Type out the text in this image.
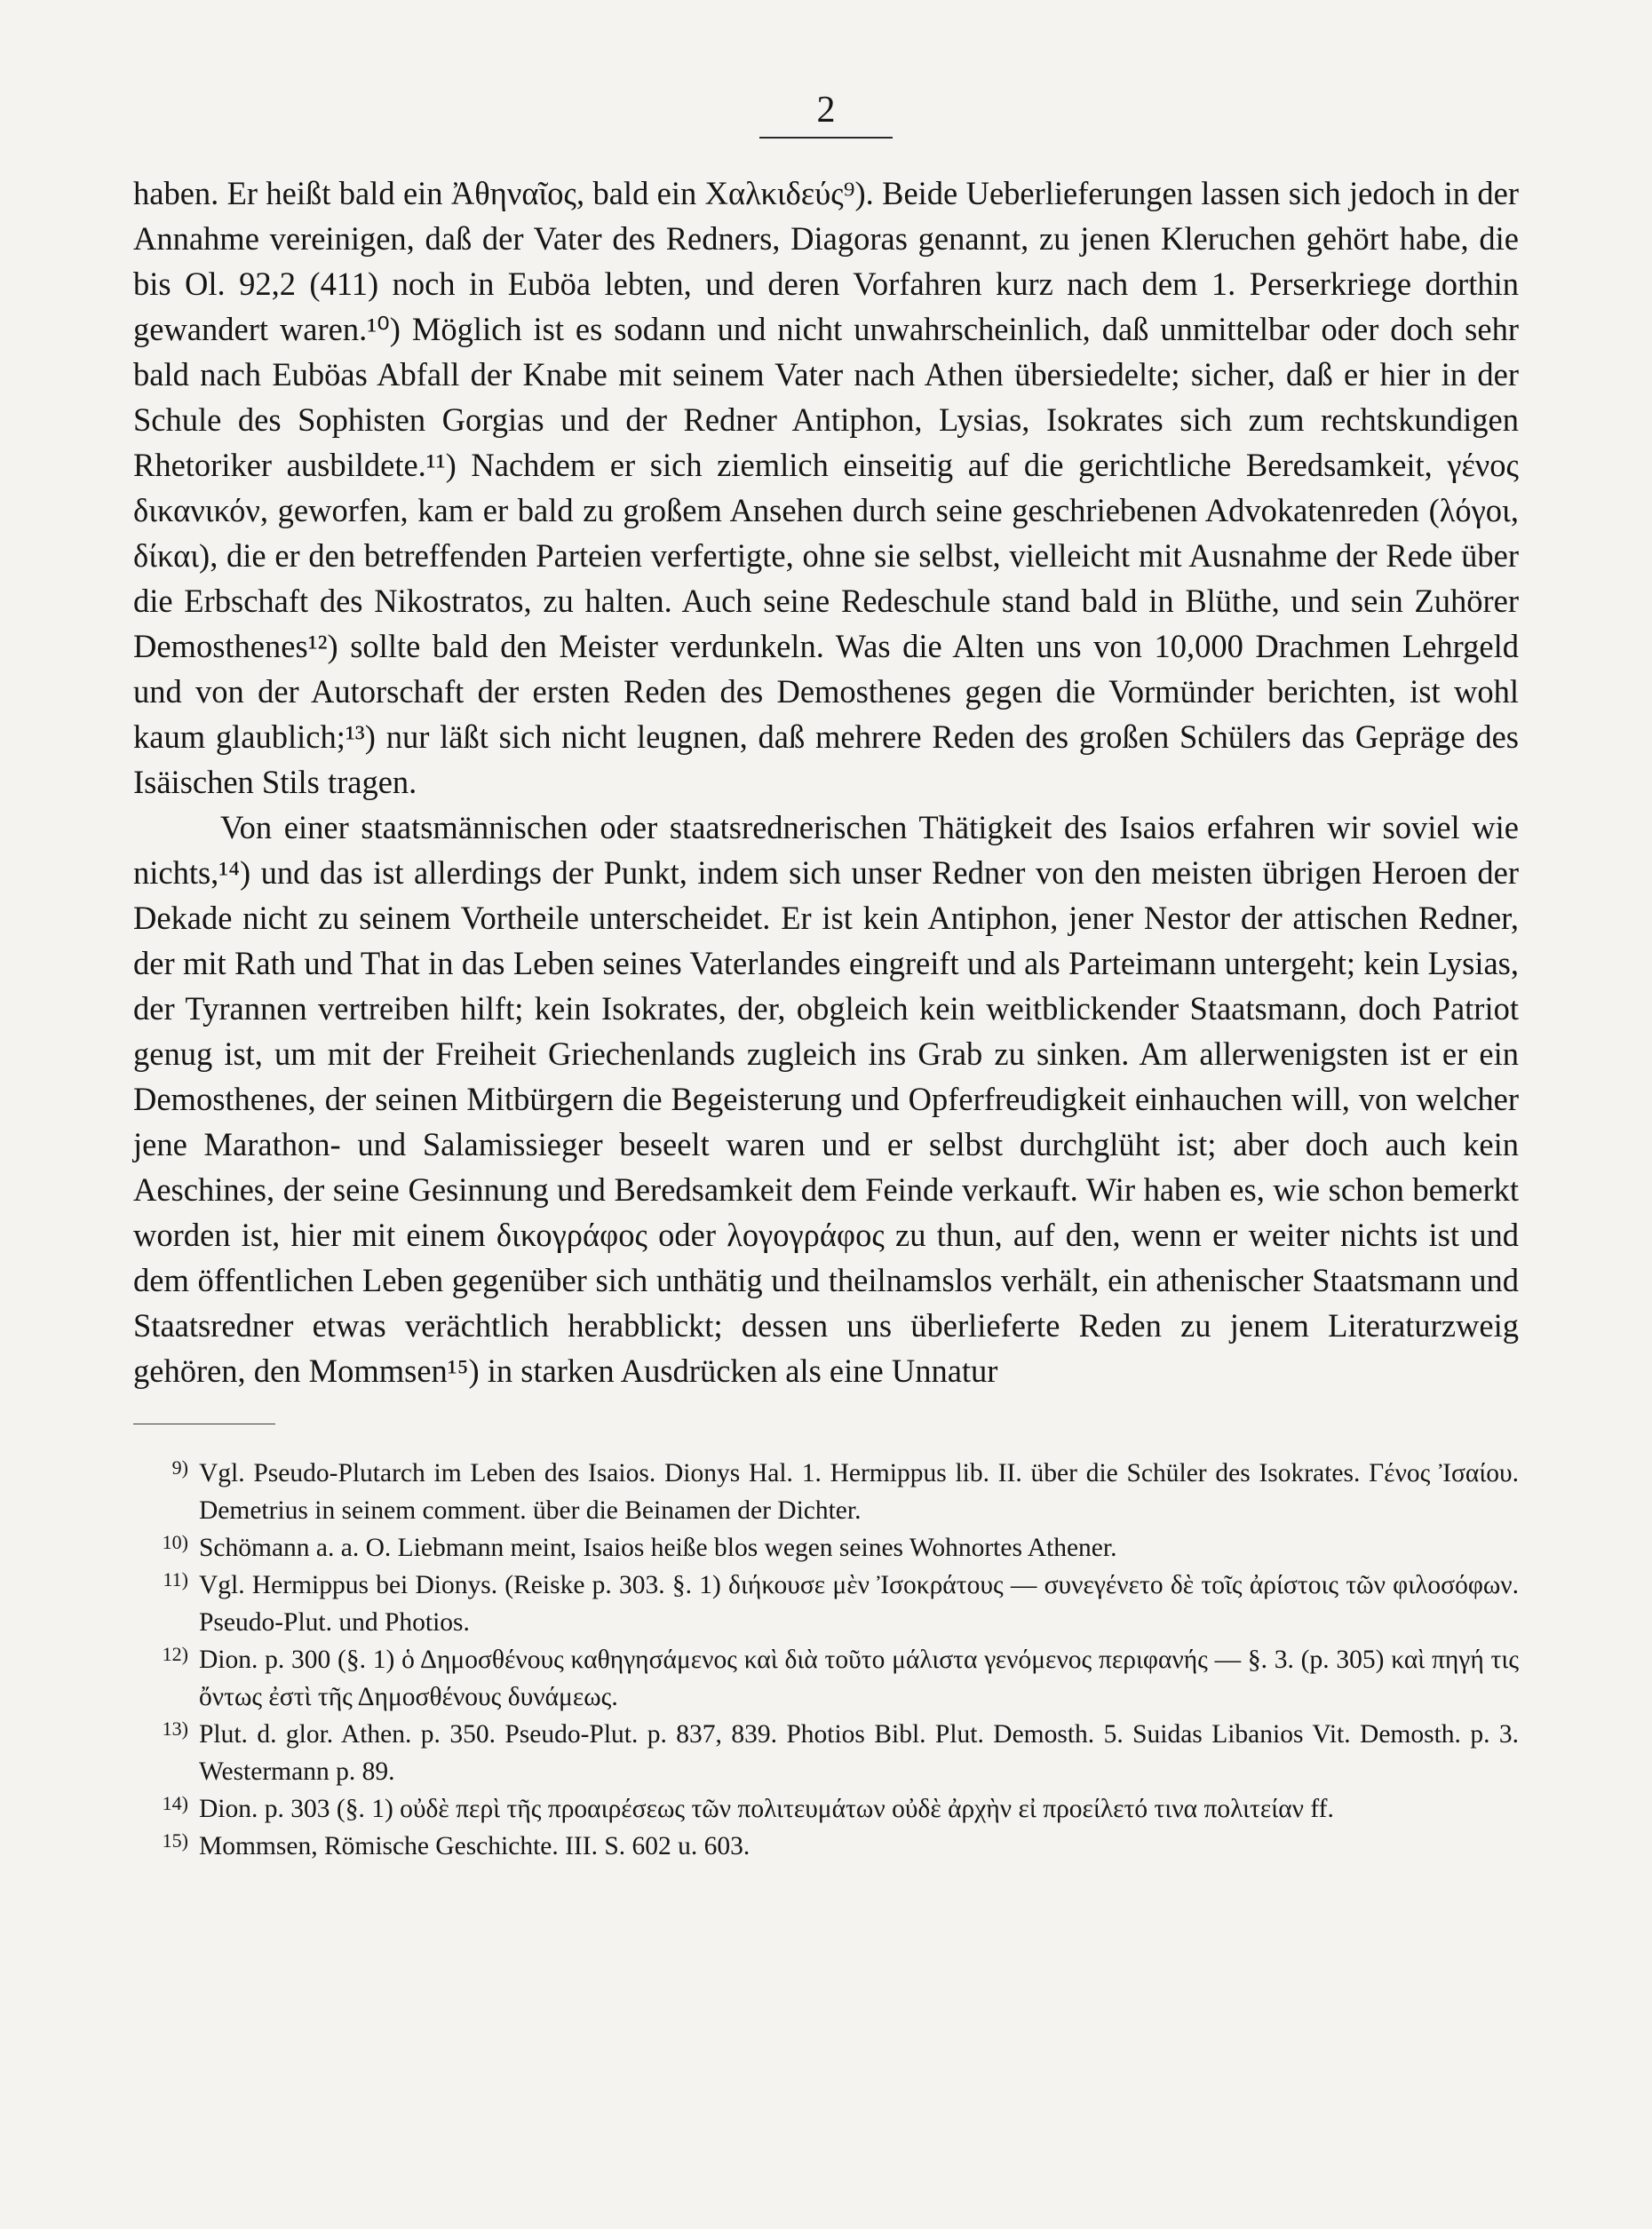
2

haben. Er heißt bald ein Ἀθηναῖος, bald ein Χαλκιδεύς⁹). Beide Ueberlieferungen lassen sich jedoch in der Annahme vereinigen, daß der Vater des Redners, Diagoras genannt, zu jenen Kleruchen gehört habe, die bis Ol. 92,2 (411) noch in Euböa lebten, und deren Vorfahren kurz nach dem 1. Perserkriege dorthin gewandert waren.¹⁰) Möglich ist es sodann und nicht unwahrscheinlich, daß unmittelbar oder doch sehr bald nach Euböas Abfall der Knabe mit seinem Vater nach Athen übersiedelte; sicher, daß er hier in der Schule des Sophisten Gorgias und der Redner Antiphon, Lysias, Isokrates sich zum rechtskundigen Rhetoriker ausbildete.¹¹) Nachdem er sich ziemlich einseitig auf die gerichtliche Beredsamkeit, γένος δικανικόν, geworfen, kam er bald zu großem Ansehen durch seine geschriebenen Advokatenreden (λόγοι, δίκαι), die er den betreffenden Parteien verfertigte, ohne sie selbst, vielleicht mit Ausnahme der Rede über die Erbschaft des Nikostratos, zu halten. Auch seine Redeschule stand bald in Blüthe, und sein Zuhörer Demosthenes¹²) sollte bald den Meister verdunkeln. Was die Alten uns von 10,000 Drachmen Lehrgeld und von der Autorschaft der ersten Reden des Demosthenes gegen die Vormünder berichten, ist wohl kaum glaublich;¹³) nur läßt sich nicht leugnen, daß mehrere Reden des großen Schülers das Gepräge des Isäischen Stils tragen.

Von einer staatsmännischen oder staatsrednerischen Thätigkeit des Isaios erfahren wir soviel wie nichts,¹⁴) und das ist allerdings der Punkt, indem sich unser Redner von den meisten übrigen Heroen der Dekade nicht zu seinem Vortheile unterscheidet. Er ist kein Antiphon, jener Nestor der attischen Redner, der mit Rath und That in das Leben seines Vaterlandes eingreift und als Parteimann untergeht; kein Lysias, der Tyrannen vertreiben hilft; kein Isokrates, der, obgleich kein weitblickender Staatsmann, doch Patriot genug ist, um mit der Freiheit Griechenlands zugleich ins Grab zu sinken. Am allerwenigsten ist er ein Demosthenes, der seinen Mitbürgern die Begeisterung und Opferfreudigkeit einhauchen will, von welcher jene Marathon- und Salamissieger beseelt waren und er selbst durchglüht ist; aber doch auch kein Aeschines, der seine Gesinnung und Beredsamkeit dem Feinde verkauft. Wir haben es, wie schon bemerkt worden ist, hier mit einem δικογράφος oder λογογράφος zu thun, auf den, wenn er weiter nichts ist und dem öffentlichen Leben gegenüber sich unthätig und theilnamslos verhält, ein athenischer Staatsmann und Staatsredner etwas verächtlich herabblickt; dessen uns überlieferte Reden zu jenem Literaturzweig gehören, den Mommsen¹⁵) in starken Ausdrücken als eine Unnatur

9) Vgl. Pseudo-Plutarch im Leben des Isaios. Dionys Hal. 1. Hermippus lib. II. über die Schüler des Isokrates. Γένος Ἰσαίου. Demetrius in seinem comment. über die Beinamen der Dichter.
10) Schömann a. a. O. Liebmann meint, Isaios heiße blos wegen seines Wohnortes Athener.
11) Vgl. Hermippus bei Dionys. (Reiske p. 303. §. 1) διήκουσε μὲν Ἰσοκράτους — συνεγένετο δὲ τοῖς ἀρίστοις τῶν φιλοσόφων. Pseudo-Plut. und Photios.
12) Dion. p. 300 (§. 1) ὁ Δημοσθένους καθηγησάμενος καὶ διὰ τοῦτο μάλιστα γενόμενος περιφανής — §. 3. (p. 305) καὶ πηγή τις ὄντως ἐστὶ τῆς Δημοσθένους δυνάμεως.
13) Plut. d. glor. Athen. p. 350. Pseudo-Plut. p. 837, 839. Photios Bibl. Plut. Demosth. 5. Suidas Libanios Vit. Demosth. p. 3. Westermann p. 89.
14) Dion. p. 303 (§. 1) οὐδὲ περὶ τῆς προαιρέσεως τῶν πολιτευμάτων οὐδὲ ἀρχὴν εἰ προείλετό τινα πολιτείαν ff.
15) Mommsen, Römische Geschichte. III. S. 602 u. 603.
